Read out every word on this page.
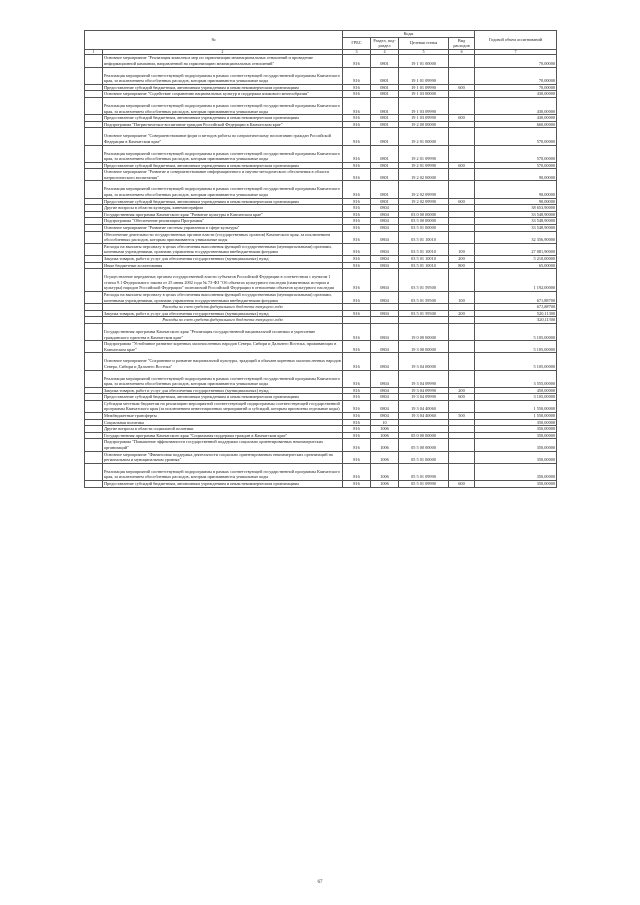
№		Коды				Годовой объем ассигнований
		ГРБС	Раздел, под-раздел	Целевая статья	Вид расходов	
1	2	3	4	5	6	7
	Основное мероприятие "Реализация комплекса мер по гармонизации межнациональных отношений и проведение информационной кампании, направленной на гармонизацию межнациональных отношений"	816	0801	19 1 01 00000		70,00000
	Реализация мероприятий соответствующей подпрограммы в рамках соответствующей государственной программы Камчатского края, за исключением обособленных расходов, которым присваиваются уникальные коды	816	0801	19 1 01 09990		70,00000
	Предоставление субсидий бюджетным, автономным учреждениям и иным некоммерческим организациям	816	0801	19 1 01 09990	600	70,00000
	Основное мероприятие "Содействие сохранению национальных культур и поддержка языкового многообразия"	816	0801	19 1 03 00000		430,00000
	Реализация мероприятий соответствующей подпрограммы в рамках соответствующей государственной программы Камчатского края, за исключением обособленных расходов, которым присваиваются уникальные коды	816	0801	19 1 03 09990		430,00000
	Предоставление субсидий бюджетным, автономным учреждениям и иным некоммерческим организациям	816	0801	19 1 03 09990	600	430,00000
	Подпрограмма "Патриотическое воспитание граждан Российской Федерации в Камчатском крае"	816	0801	19 2 00 00000		660,00000
	Основное мероприятие "Совершенствование форм и методов работы по патриотическому воспитанию граждан Российской Федерации в Камчатском крае"	816	0801	19 2 01 00000		570,00000
	Реализация мероприятий соответствующей подпрограммы в рамках соответствующей государственной программы Камчатского края, за исключением обособленных расходов, которым присваиваются уникальные коды	816	0801	19 2 01 09990		570,00000
	Предоставление субсидий бюджетным, автономным учреждениям и иным некоммерческим организациям	816	0801	19 2 01 09990	600	570,00000
	Основное мероприятие "Развитие и совершенствование информационного и научно-методического обеспечения в области патриотического воспитания"	816	0801	19 2 02 00000		90,00000
	Реализация мероприятий соответствующей подпрограммы в рамках соответствующей государственной программы Камчатского края, за исключением обособленных расходов, которым присваиваются уникальные коды	816	0801	19 2 02 09990		90,00000
	Предоставление субсидий бюджетным, автономным учреждениям и иным некоммерческим организациям	816	0801	19 2 02 09990	600	90,00000
	Другие вопросы в области культуры, кинематографии	816	0804			38 653,90000
	Государственная программа Камчатского края "Развитие культуры в Камчатском крае"	816	0804	03 0 00 00000		33 548,90000
	Подпрограмма "Обеспечение реализации Программы"	816	0804	03 5 00 00000		33 548,90000
	Основное мероприятие "Развитие системы управления в сфере культуры"	816	0804	03 5 01 00000		33 548,90000
	Обеспечение деятельности государственных органов власти (государственных органов) Камчатского края, за исключением обособленных расходов, которым присваиваются уникальные коды	816	0804	03 5 01 10010		32 356,90000
	Расходы на выплаты персоналу в целях обеспечения выполнения функций государственными (муниципальными) органами, казенными учреждениями, органами управления государственными внебюджетными фондами	816	0804	03 5 01 10010	100	27 081,90000
	Закупка товаров, работ и услуг для обеспечения государственных (муниципальных) нужд	816	0804	03 5 01 10010	200	5 210,00000
	Иные бюджетные ассигнования	816	0804	03 5 01 10010	800	65,00000
	Осуществление переданных органам государственной власти субъектов Российской Федерации в соответствии с пунктом 1 статьи 9.1 Федерального закона от 25 июня 2002 года № 73-ФЗ "Об объектах культурного наследия (памятниках истории и культуры) народов Российской Федерации" полномочий Российской Федерации в отношении объектов культурного наследия	816	0804	03 5 01 59500		1 192,00000
	Расходы на выплаты персоналу в целях обеспечения выполнения функций государственными (муниципальными) органами, казенными учреждениями, органами управления государственными внебюджетными фондами	816	0804	03 5 01 59500	100	671,88700
	Расходы за счет средств федерального бюджета текущего года					671,88700
	Закупка товаров, работ и услуг для обеспечения государственных (муниципальных) нужд	816	0804	03 5 01 59500	200	520,11300
	Расходы за счет средств федерального бюджета текущего года					520,11300
	Государственная программа Камчатского края "Реализация государственной национальной политики и укрепление гражданского единства в Камчатском крае"	816	0804	19 0 00 00000		5 105,00000
	Подпрограмма "Устойчивое развитие коренных малочисленных народов Севера, Сибири и Дальнего Востока, проживающих в Камчатском крае"	816	0804	19 3 00 00000		5 105,00000
	Основное мероприятие "Сохранение и развитие национальной культуры, традиций и обычаев коренных малочисленных народов Севера, Сибири и Дальнего Востока"	816	0804	19 3 04 00000		5 105,00000
	Реализация мероприятий соответствующей подпрограммы в рамках соответствующей государственной программы Камчатского края, за исключением обособленных расходов, которым присваиваются уникальные коды	816	0804	19 3 04 09990		3 555,00000
	Закупка товаров, работ и услуг для обеспечения государственных (муниципальных) нужд	816	0804	19 3 04 09990	200	450,00000
	Предоставление субсидий бюджетным, автономным учреждениям и иным некоммерческим организациям	816	0804	19 3 04 09990	600	3 105,00000
	Субсидии местным бюджетам на реализацию мероприятий соответствующей подпрограммы соответствующей государственной программы Камчатского края (за исключением инвестиционных мероприятий и субсидий, которым присвоены отдельные коды)	816	0804	19 3 04 40060		1 550,00000
	Межбюджетные трансферты	816	0804	19 3 04 40060	500	1 550,00000
	Социальная политика	816	10			350,00000
	Другие вопросы в области социальной политики	816	1006			350,00000
	Государственная программа Камчатского края "Социальная поддержка граждан в Камчатском крае"	816	1006	05 0 00 00000		350,00000
	Подпрограмма "Повышение эффективности государственной поддержки социально ориентированных некоммерческих организаций"	816	1006	05 5 00 00000		350,00000
	Основное мероприятие "Финансовая поддержка деятельности социально ориентированных некоммерческих организаций на региональном и муниципальном уровнях"	816	1006	05 5 01 00000		350,00000
	Реализация мероприятий соответствующей подпрограммы в рамках соответствующей государственной программы Камчатского края, за исключением обособленных расходов, которым присваиваются уникальные коды	816	1006	05 5 01 09990		350,00000
	Предоставление субсидий бюджетным, автономным учреждениям и иным некоммерческим организациям	816	1006	05 5 01 09990	600	350,00000
67
